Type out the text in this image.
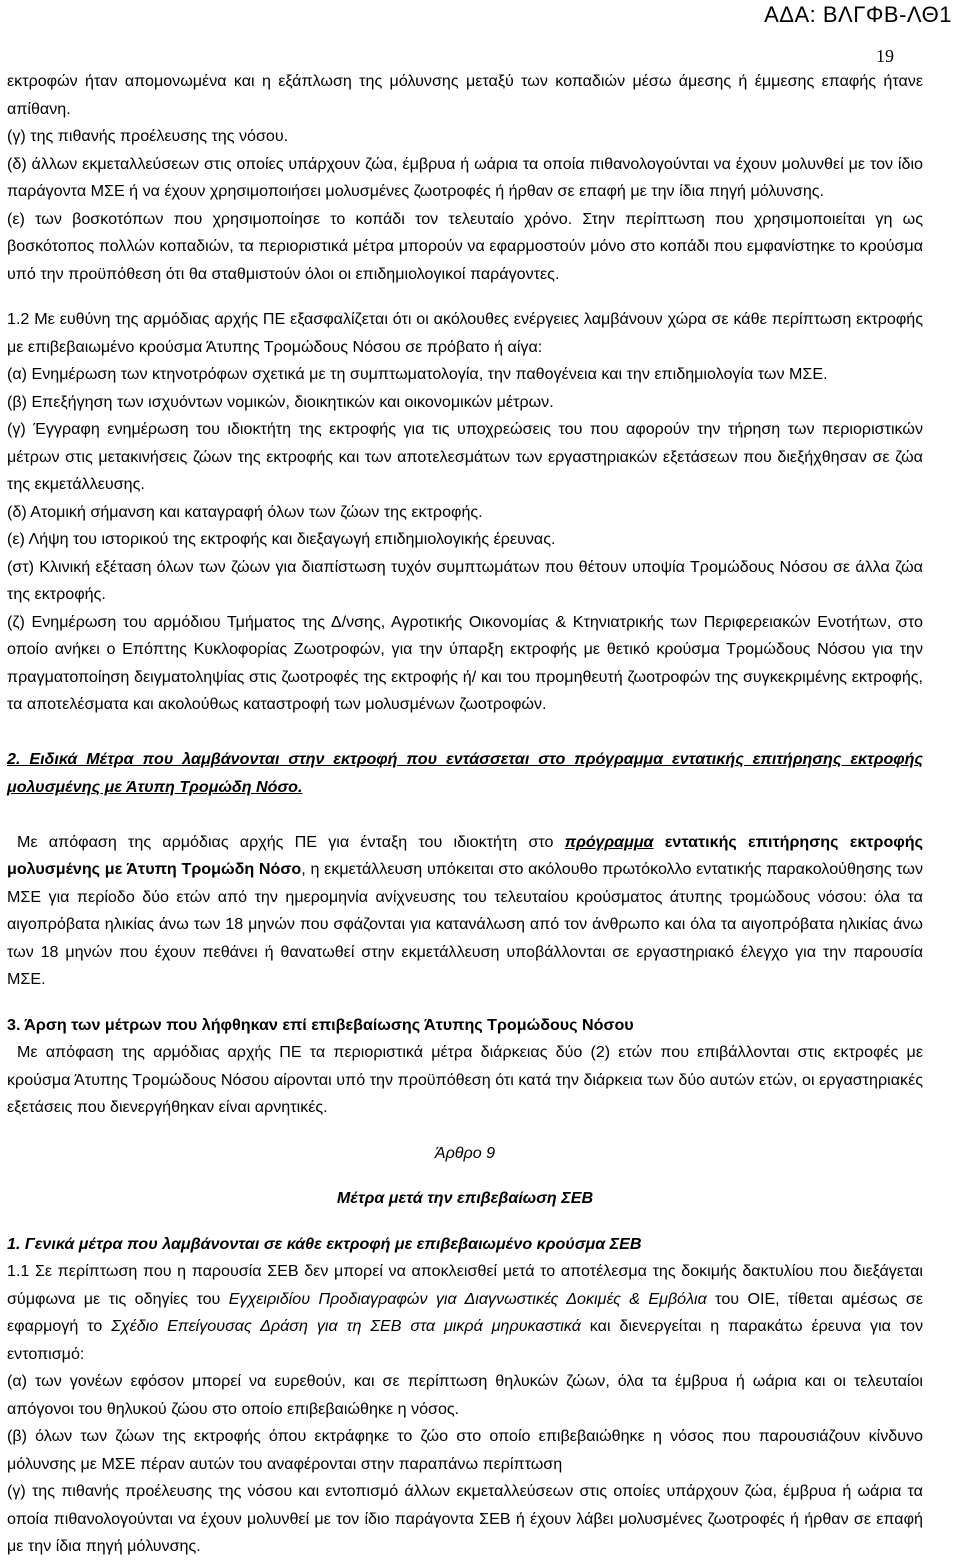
ΑΔΑ: ΒΛΓΦΒ-ΛΘ1
19

εκτροφών ήταν απομονωμένα και η εξάπλωση της μόλυνσης μεταξύ των κοπαδιών μέσω άμεσης ή έμμεσης επαφής ήτανε απίθανη.

(γ) της πιθανής προέλευσης της νόσου.

(δ) άλλων εκμεταλλεύσεων στις οποίες υπάρχουν ζώα, έμβρυα ή ωάρια τα οποία πιθανολογούνται να έχουν μολυνθεί με τον ίδιο παράγοντα ΜΣΕ ή να έχουν χρησιμοποιήσει μολυσμένες ζωοτροφές ή ήρθαν σε επαφή με την ίδια πηγή μόλυνσης.

(ε) των βοσκοτόπων που χρησιμοποίησε το κοπάδι τον τελευταίο χρόνο. Στην περίπτωση που χρησιμοποιείται γη ως βοσκότοπος πολλών κοπαδιών, τα περιοριστικά μέτρα μπορούν να εφαρμοστούν μόνο στο κοπάδι που εμφανίστηκε το κρούσμα υπό την προϋπόθεση ότι θα σταθμιστούν όλοι οι επιδημιολογικοί παράγοντες.

1.2 Με ευθύνη της αρμόδιας αρχής ΠΕ εξασφαλίζεται ότι οι ακόλουθες ενέργειες λαμβάνουν χώρα σε κάθε περίπτωση εκτροφής με επιβεβαιωμένο κρούσμα Άτυπης Τρομώδους Νόσου σε πρόβατο ή αίγα:

(α) Ενημέρωση των κτηνοτρόφων σχετικά με τη συμπτωματολογία, την παθογένεια και την επιδημιολογία των ΜΣΕ.

(β) Επεξήγηση των ισχυόντων νομικών, διοικητικών και οικονομικών μέτρων.

(γ) Έγγραφη ενημέρωση του ιδιοκτήτη της εκτροφής για τις υποχρεώσεις του που αφορούν την τήρηση των περιοριστικών μέτρων στις μετακινήσεις ζώων της εκτροφής και των αποτελεσμάτων των εργαστηριακών εξετάσεων που διεξήχθησαν σε ζώα της εκμετάλλευσης.

(δ) Ατομική σήμανση και καταγραφή όλων των ζώων της εκτροφής.

(ε) Λήψη του ιστορικού της εκτροφής και διεξαγωγή επιδημιολογικής έρευνας.

(στ) Κλινική εξέταση όλων των ζώων για διαπίστωση τυχόν συμπτωμάτων που θέτουν υποψία Τρομώδους Νόσου σε άλλα ζώα της εκτροφής.

(ζ) Ενημέρωση του αρμόδιου Τμήματος της Δ/νσης, Αγροτικής Οικονομίας & Κτηνιατρικής των Περιφερειακών Ενοτήτων, στο οποίο ανήκει ο Επόπτης Κυκλοφορίας Ζωοτροφών, για την ύπαρξη εκτροφής με θετικό κρούσμα Τρομώδους Νόσου για την πραγματοποίηση δειγματοληψίας στις ζωοτροφές της εκτροφής ή/ και του προμηθευτή ζωοτροφών της συγκεκριμένης εκτροφής, τα αποτελέσματα και ακολούθως καταστροφή των μολυσμένων ζωοτροφών.

2. Ειδικά Μέτρα που λαμβάνονται στην εκτροφή που εντάσσεται στο πρόγραμμα εντατικής επιτήρησης εκτροφής μολυσμένης με Άτυπη Τρομώδη Νόσο.

Με απόφαση της αρμόδιας αρχής ΠΕ για ένταξη του ιδιοκτήτη στο πρόγραμμα εντατικής επιτήρησης εκτροφής μολυσμένης με Άτυπη Τρομώδη Νόσο, η εκμετάλλευση υπόκειται στο ακόλουθο πρωτόκολλο εντατικής παρακολούθησης των ΜΣΕ για περίοδο δύο ετών από την ημερομηνία ανίχνευσης του τελευταίου κρούσματος άτυπης τρομώδους νόσου: όλα τα αιγοπρόβατα ηλικίας άνω των 18 μηνών που σφάζονται για κατανάλωση από τον άνθρωπο και όλα τα αιγοπρόβατα ηλικίας άνω των 18 μηνών που έχουν πεθάνει ή θανατωθεί στην εκμετάλλευση υποβάλλονται σε εργαστηριακό έλεγχο για την παρουσία ΜΣΕ.

3. Άρση των μέτρων που λήφθηκαν επί επιβεβαίωσης Άτυπης Τρομώδους Νόσου

Με απόφαση της αρμόδιας αρχής ΠΕ τα περιοριστικά μέτρα διάρκειας δύο (2) ετών που επιβάλλονται στις εκτροφές με κρούσμα Άτυπης Τρομώδους Νόσου αίρονται υπό την προϋπόθεση ότι κατά την διάρκεια των δύο αυτών ετών, οι εργαστηριακές εξετάσεις που διενεργήθηκαν είναι αρνητικές.

Άρθρο 9

Μέτρα μετά την επιβεβαίωση ΣΕΒ

1. Γενικά μέτρα που λαμβάνονται σε κάθε εκτροφή με επιβεβαιωμένο κρούσμα ΣΕΒ

1.1 Σε περίπτωση που η παρουσία ΣΕΒ δεν μπορεί να αποκλεισθεί μετά το αποτέλεσμα της δοκιμής δακτυλίου που διεξάγεται σύμφωνα με τις οδηγίες του Εγχειριδίου Προδιαγραφών για Διαγνωστικές Δοκιμές & Εμβόλια του OIE, τίθεται αμέσως σε εφαρμογή το Σχέδιο Επείγουσας Δράση για τη ΣΕΒ στα μικρά μηρυκαστικά και διενεργείται η παρακάτω έρευνα για τον εντοπισμό:

(α) των γονέων εφόσον μπορεί να ευρεθούν, και σε περίπτωση θηλυκών ζώων, όλα τα έμβρυα ή ωάρια και οι τελευταίοι απόγονοι του θηλυκού ζώου στο οποίο επιβεβαιώθηκε η νόσος.

(β) όλων των ζώων της εκτροφής όπου εκτράφηκε το ζώο στο οποίο επιβεβαιώθηκε η νόσος που παρουσιάζουν κίνδυνο μόλυνσης με ΜΣΕ πέραν αυτών του αναφέρονται στην παραπάνω περίπτωση

(γ) της πιθανής προέλευσης της νόσου και εντοπισμό άλλων εκμεταλλεύσεων στις οποίες υπάρχουν ζώα, έμβρυα ή ωάρια τα οποία πιθανολογούνται να έχουν μολυνθεί με τον ίδιο παράγοντα ΣΕΒ ή έχουν λάβει μολυσμένες ζωοτροφές ή ήρθαν σε επαφή με την ίδια πηγή μόλυνσης.
